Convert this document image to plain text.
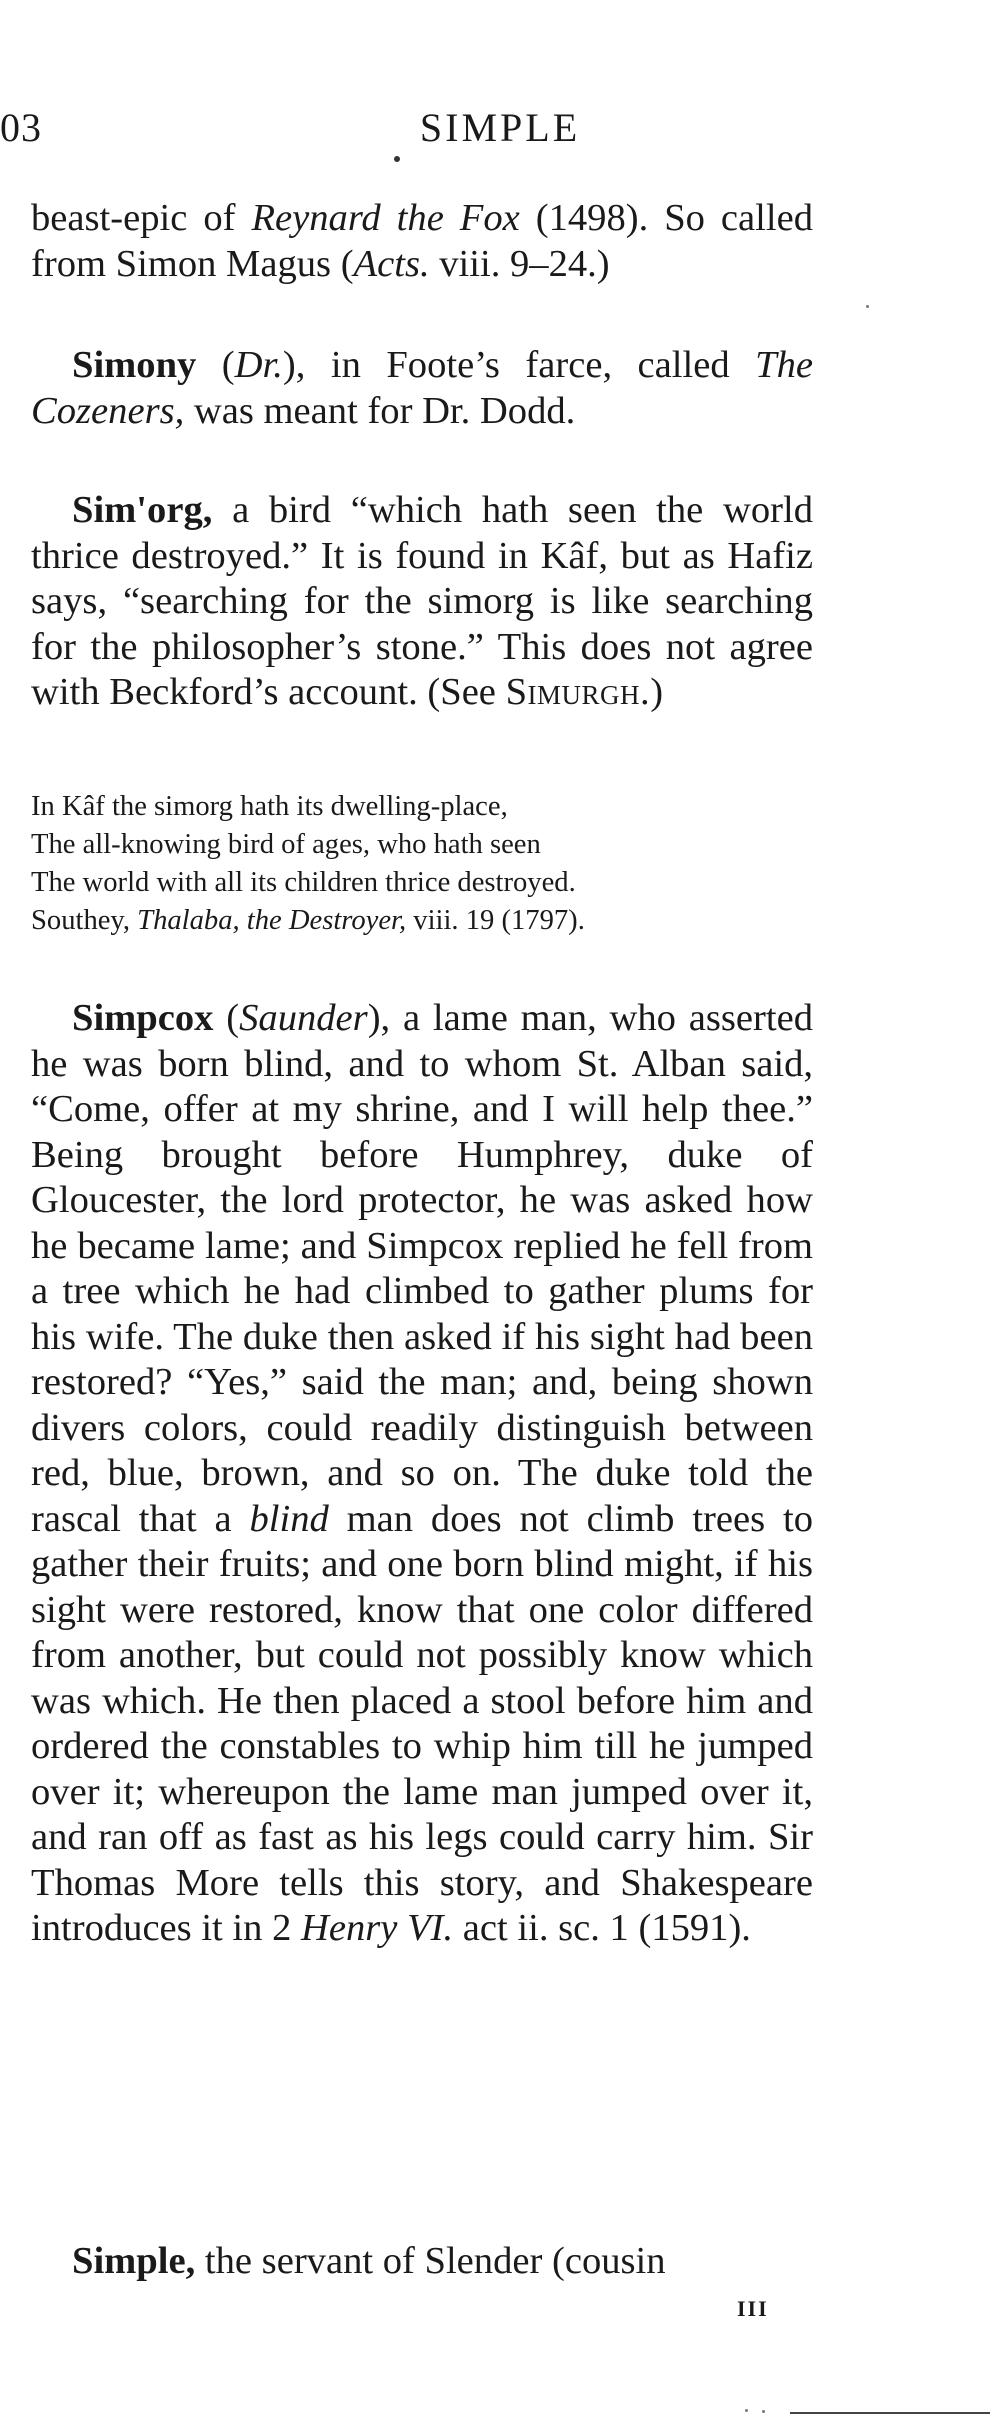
03	SIMPLE

beast-epic of Reynard the Fox (1498). So called from Simon Magus (Acts. viii. 9–24.)

Simony (Dr.), in Foote’s farce, called The Cozeners, was meant for Dr. Dodd.

Sim'org, a bird “which hath seen the world thrice destroyed.” It is found in Kâf, but as Hafiz says, “searching for the simorg is like searching for the philosopher’s stone.” This does not agree with Beckford’s account. (See Simurgh.)

In Kâf the simorg hath its dwelling-place,
The all-knowing bird of ages, who hath seen
The world with all its children thrice destroyed.
Southey, Thalaba, the Destroyer, viii. 19 (1797).

Simpcox (Saunder), a lame man, who asserted he was born blind, and to whom St. Alban said, “Come, offer at my shrine, and I will help thee.” Being brought before Humphrey, duke of Gloucester, the lord protector, he was asked how he became lame; and Simpcox replied he fell from a tree which he had climbed to gather plums for his wife. The duke then asked if his sight had been restored? “Yes,” said the man; and, being shown divers colors, could readily distinguish between red, blue, brown, and so on. The duke told the rascal that a blind man does not climb trees to gather their fruits; and one born blind might, if his sight were restored, know that one color differed from another, but could not possibly know which was which. He then placed a stool before him and ordered the constables to whip him till he jumped over it; whereupon the lame man jumped over it, and ran off as fast as his legs could carry him. Sir Thomas More tells this story, and Shakespeare introduces it in 2 Henry VI. act ii. sc. 1 (1591).

Simple, the servant of Slender (cousin

III
